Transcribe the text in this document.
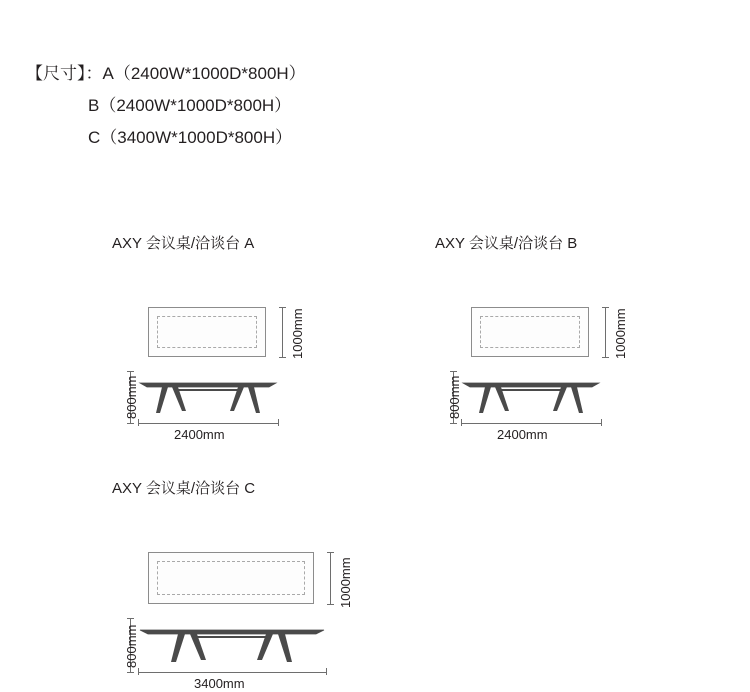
【尺寸】：A（2400W*1000D*800H）
B（2400W*1000D*800H）
C（3400W*1000D*800H）
AXY 会议桌/洽谈台 A
2400mm
1000mm
800mm
AXY 会议桌/洽谈台 B
2400mm
1000mm
800mm
AXY 会议桌/洽谈台 C
3400mm
1000mm
800mm
